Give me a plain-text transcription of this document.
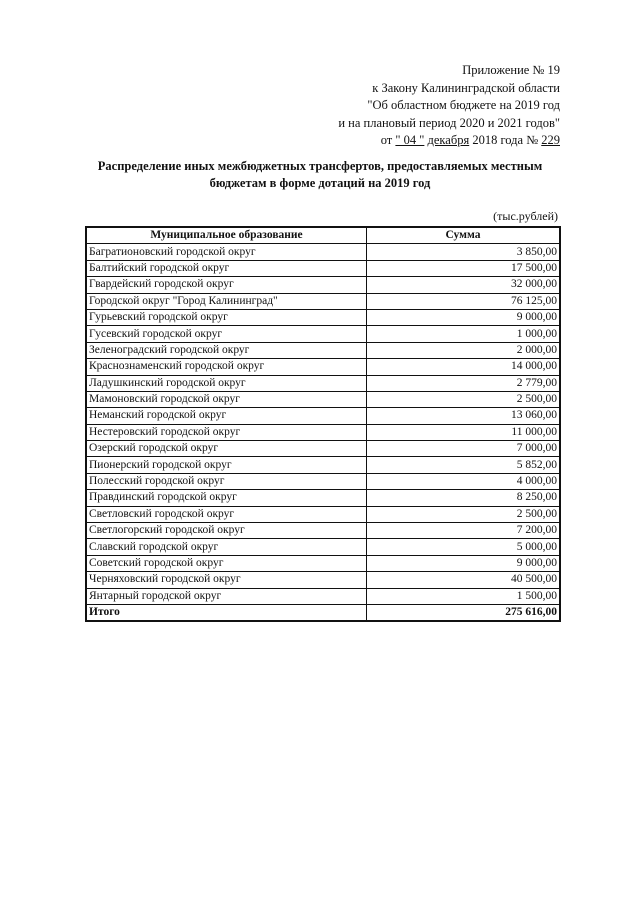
Приложение № 19
к Закону Калининградской области
"Об областном бюджете на 2019 год
и на плановый период 2020 и 2021 годов"
от " 04 " декабря 2018 года № 229
Распределение иных межбюджетных трансфертов, предоставляемых местным
бюджетам в форме дотаций на 2019 год
(тыс.рублей)
Муниципальное образование	Сумма
Багратионовский городской округ	3 850,00
Балтийский городской округ	17 500,00
Гвардейский городской округ	32 000,00
Городской округ "Город Калининград"	76 125,00
Гурьевский городской округ	9 000,00
Гусевский городской округ	1 000,00
Зеленоградский городской округ	2 000,00
Краснознаменский городской округ	14 000,00
Ладушкинский городской округ	2 779,00
Мамоновский городской округ	2 500,00
Неманский городской округ	13 060,00
Нестеровский городской округ	11 000,00
Озерский городской округ	7 000,00
Пионерский городской округ	5 852,00
Полесский городской округ	4 000,00
Правдинский городской округ	8 250,00
Светловский городской округ	2 500,00
Светлогорский городской округ	7 200,00
Славский городской округ	5 000,00
Советский городской округ	9 000,00
Черняховский городской округ	40 500,00
Янтарный городской округ	1 500,00
Итого	275 616,00
